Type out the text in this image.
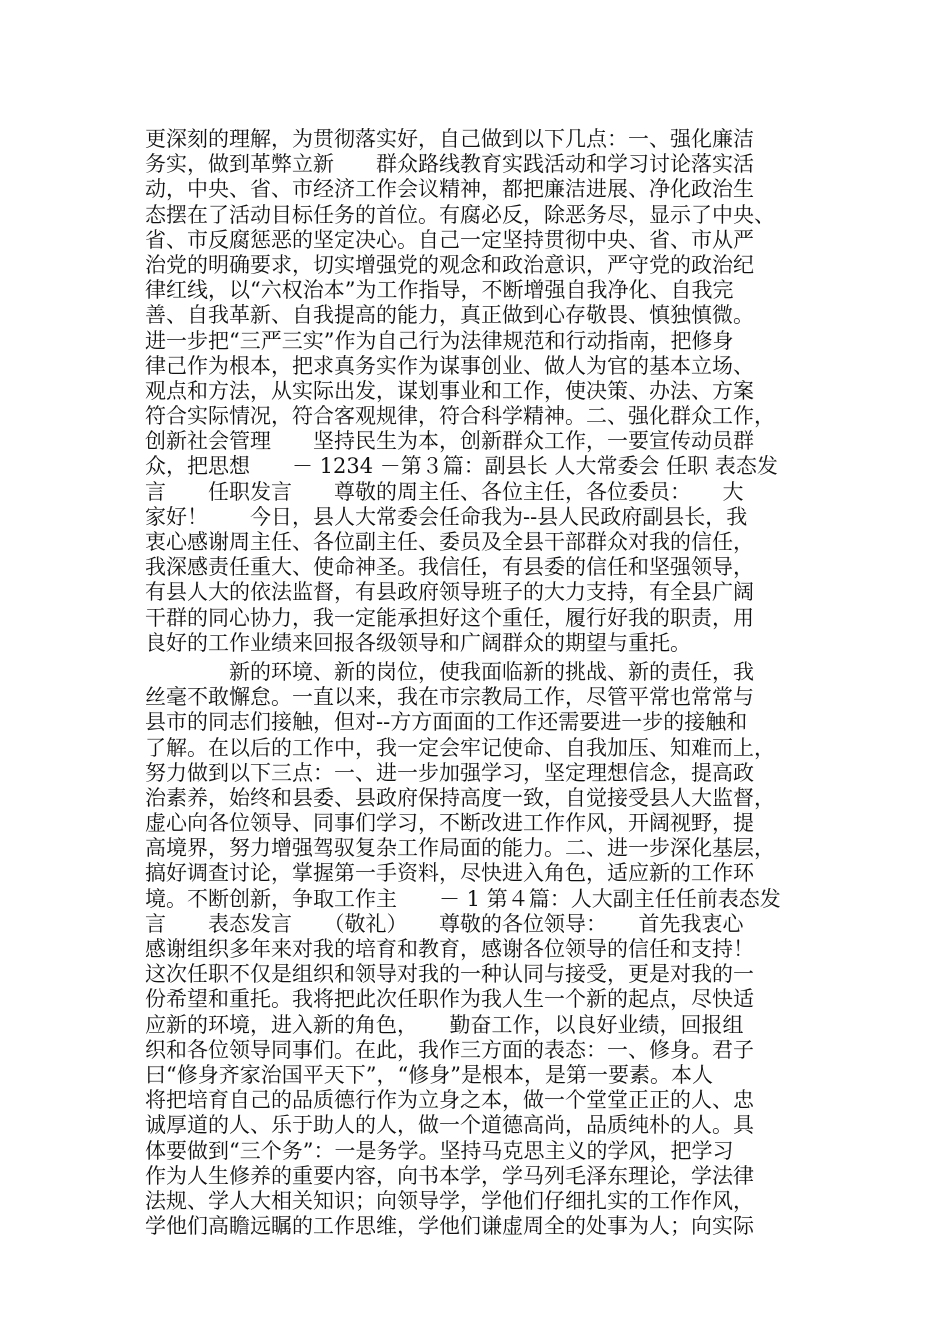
更深刻的理解，为贯彻落实好，自己做到以下几点：一、强化廉洁
务实，做到革弊立新　　群众路线教育实践活动和学习讨论落实活
动，中央、省、市经济工作会议精神，都把廉洁进展、净化政治生
态摆在了活动目标任务的首位。有腐必反，除恶务尽，显示了中央、
省、市反腐惩恶的坚定决心。自己一定坚持贯彻中央、省、市从严
治党的明确要求，切实增强党的观念和政治意识，严守党的政治纪
律红线，以“六权治本”为工作指导，不断增强自我净化、自我完
善、自我革新、自我提高的能力，真正做到心存敬畏、慎独慎微。
进一步把“三严三实”作为自己行为法律规范和行动指南，把修身
律己作为根本，把求真务实作为谋事创业、做人为官的基本立场、
观点和方法，从实际出发，谋划事业和工作，使决策、办法、方案
符合实际情况，符合客观规律，符合科学精神。二、强化群众工作，
创新社会管理　　坚持民生为本，创新群众工作，一要宣传动员群
众，把思想　　－ 1234 －第３篇：副县长 人大常委会 任职 表态发
言　　任职发言　　尊敬的周主任、各位主任，各位委员：　　大
家好！　　今日，县人大常委会任命我为--县人民政府副县长，我
衷心感谢周主任、各位副主任、委员及全县干部群众对我的信任，
我深感责任重大、使命神圣。我信任，有县委的信任和坚强领导，
有县人大的依法监督，有县政府领导班子的大力支持，有全县广阔
干群的同心协力，我一定能承担好这个重任，履行好我的职责，用
良好的工作业绩来回报各级领导和广阔群众的期望与重托。
　　　　新的环境、新的岗位，使我面临新的挑战、新的责任，我
丝毫不敢懈怠。一直以来，我在市宗教局工作，尽管平常也常常与
县市的同志们接触，但对--方方面面的工作还需要进一步的接触和
了解。在以后的工作中，我一定会牢记使命、自我加压、知难而上，
努力做到以下三点：一、进一步加强学习，坚定理想信念，提高政
治素养，始终和县委、县政府保持高度一致，自觉接受县人大监督，
虚心向各位领导、同事们学习，不断改进工作作风，开阔视野，提
高境界，努力增强驾驭复杂工作局面的能力。二、进一步深化基层，
搞好调查讨论，掌握第一手资料，尽快进入角色，适应新的工作环
境。不断创新，争取工作主　　－ 1 第４篇：人大副主任任前表态发
言　　表态发言　　（敬礼）　　尊敬的各位领导：　　首先我衷心
感谢组织多年来对我的培育和教育，感谢各位领导的信任和支持！
这次任职不仅是组织和领导对我的一种认同与接受，更是对我的一
份希望和重托。我将把此次任职作为我人生一个新的起点，尽快适
应新的环境，进入新的角色，　　勤奋工作，以良好业绩，回报组
织和各位领导同事们。在此，我作三方面的表态：一、修身。君子
曰“修身齐家治国平天下”，“修身”是根本，是第一要素。本人
将把培育自己的品质德行作为立身之本，做一个堂堂正正的人、忠
诚厚道的人、乐于助人的人，做一个道德高尚，品质纯朴的人。具
体要做到“三个务”：一是务学。坚持马克思主义的学风，把学习
作为人生修养的重要内容，向书本学，学马列毛泽东理论，学法律
法规、学人大相关知识；向领导学，学他们仔细扎实的工作作风，
学他们高瞻远瞩的工作思维，学他们谦虚周全的处事为人；向实际
